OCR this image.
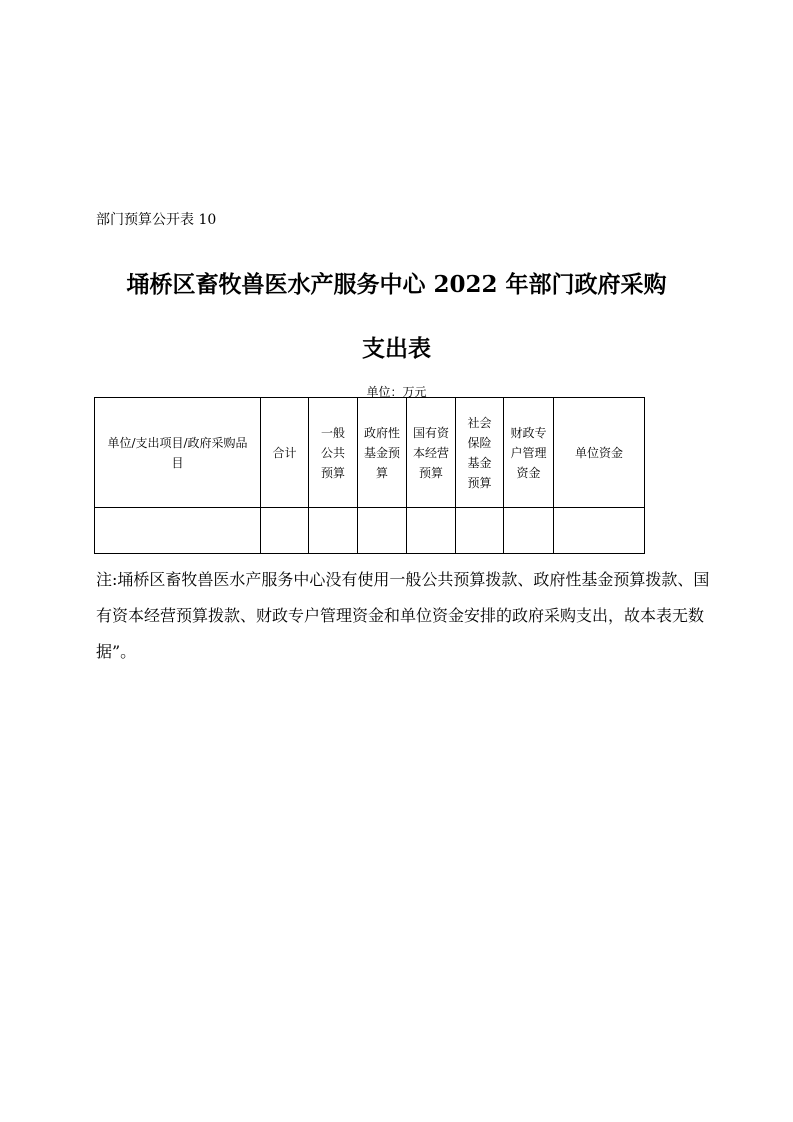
部门预算公开表 10
埇桥区畜牧兽医水产服务中心 2022 年部门政府采购
支出表
单位：万元
单位/支出项目/政府采购品目	合计	一般公共预算	政府性基金预算	国有资本经营预算	社会保险基金预算	财政专户管理资金	单位资金

注:埇桥区畜牧兽医水产服务中心没有使用一般公共预算拨款、政府性基金预算拨款、国有资本经营预算拨款、财政专户管理资金和单位资金安排的政府采购支出，故本表无数据”。
